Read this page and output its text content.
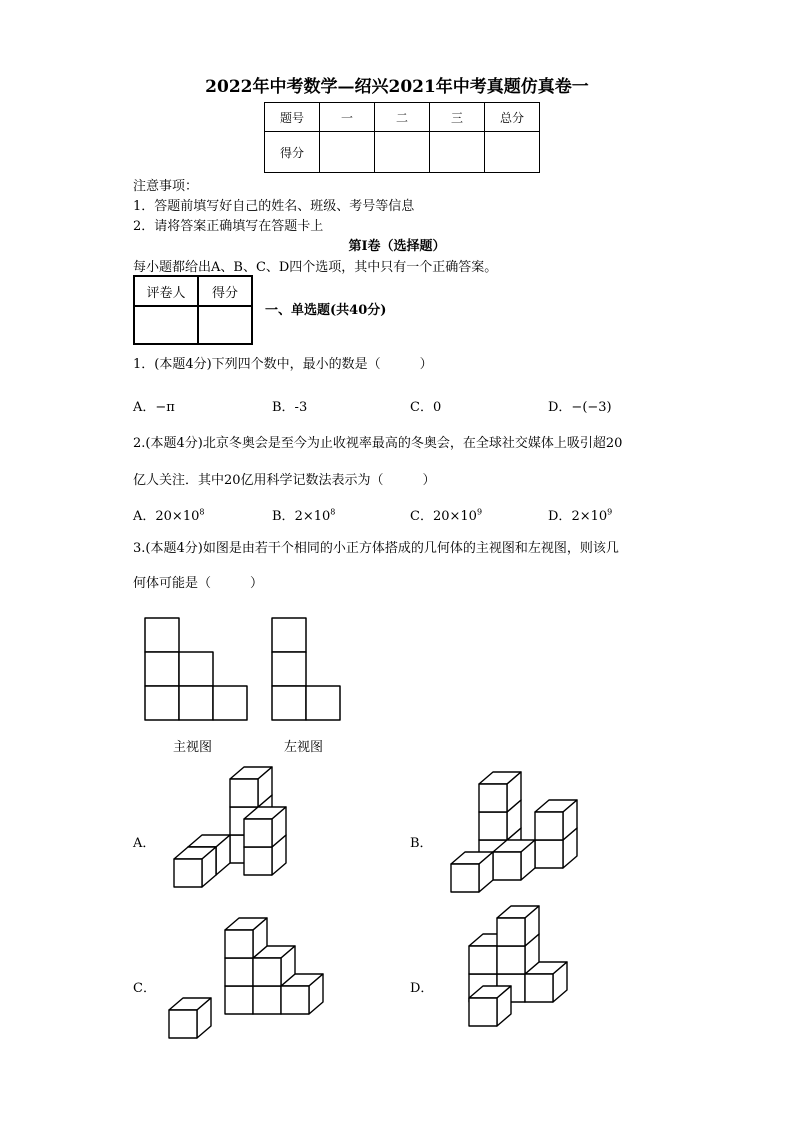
2022年中考数学—绍兴2021年中考真题仿真卷一
题号	一	二	三	总分
得分				
注意事项：
1．答题前填写好自己的姓名、班级、考号等信息
2．请将答案正确填写在答题卡上
第I卷（选择题）
每小题都给出A、B、C、D四个选项，其中只有一个正确答案。
评卷人	得分

一、单选题(共40分)
1．(本题4分)下列四个数中，最小的数是（　　　）
A．−π	B．-3	C．0	D．−(−3)
2.(本题4分)北京冬奥会是至今为止收视率最高的冬奥会，在全球社交媒体上吸引超20
亿人关注．其中20亿用科学记数法表示为（　　　）
A．$20\times 10^8$	B．$2\times 10^8$	C．$20\times 10^9$	D．$2\times 10^9$
3.(本题4分)如图是由若干个相同的小正方体搭成的几何体的主视图和左视图，则该几
何体可能是（　　　）
主视图	左视图
A．	B．
C．	D．
